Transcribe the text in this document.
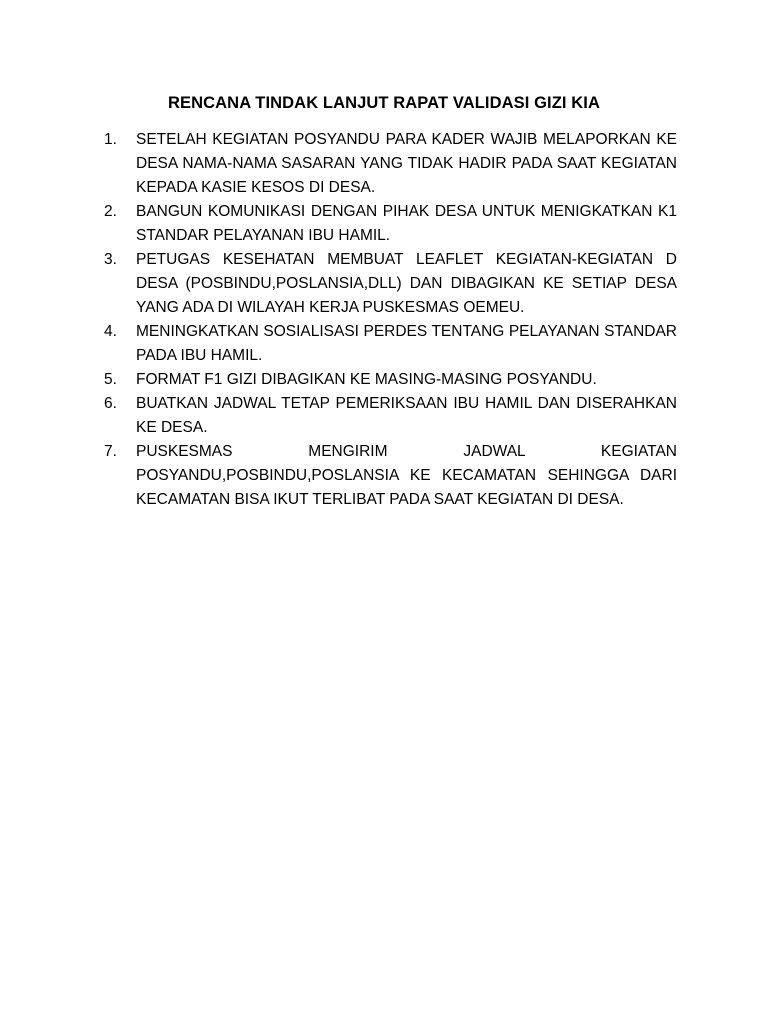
RENCANA TINDAK LANJUT RAPAT VALIDASI GIZI KIA
1. SETELAH KEGIATAN POSYANDU PARA KADER WAJIB MELAPORKAN KE DESA NAMA-NAMA SASARAN YANG TIDAK HADIR PADA SAAT KEGIATAN KEPADA KASIE KESOS DI DESA.
2. BANGUN KOMUNIKASI DENGAN PIHAK DESA UNTUK MENIGKATKAN K1 STANDAR PELAYANAN IBU HAMIL.
3. PETUGAS KESEHATAN MEMBUAT LEAFLET KEGIATAN-KEGIATAN D DESA (POSBINDU,POSLANSIA,DLL) DAN DIBAGIKAN KE SETIAP DESA YANG ADA DI WILAYAH KERJA PUSKESMAS OEMEU.
4. MENINGKATKAN SOSIALISASI PERDES TENTANG PELAYANAN STANDAR PADA IBU HAMIL.
5. FORMAT F1 GIZI DIBAGIKAN KE MASING-MASING POSYANDU.
6. BUATKAN JADWAL TETAP PEMERIKSAAN IBU HAMIL DAN DISERAHKAN KE DESA.
7. PUSKESMAS MENGIRIM JADWAL KEGIATAN POSYANDU,POSBINDU,POSLANSIA KE KECAMATAN SEHINGGA DARI KECAMATAN BISA IKUT TERLIBAT PADA SAAT KEGIATAN DI DESA.
